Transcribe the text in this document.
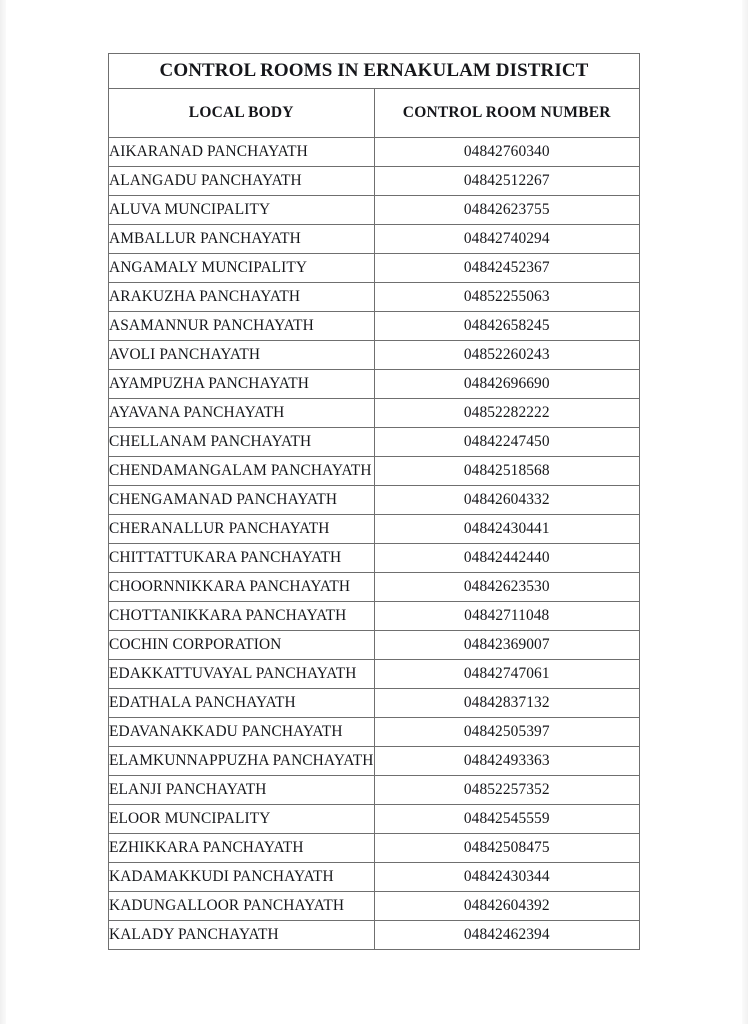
CONTROL ROOMS IN ERNAKULAM DISTRICT	
LOCAL BODY	CONTROL ROOM NUMBER
AIKARANAD PANCHAYATH	04842760340
ALANGADU PANCHAYATH	04842512267
ALUVA MUNCIPALITY	04842623755
AMBALLUR PANCHAYATH	04842740294
ANGAMALY MUNCIPALITY	04842452367
ARAKUZHA PANCHAYATH	04852255063
ASAMANNUR PANCHAYATH	04842658245
AVOLI PANCHAYATH	04852260243
AYAMPUZHA PANCHAYATH	04842696690
AYAVANA PANCHAYATH	04852282222
CHELLANAM PANCHAYATH	04842247450
CHENDAMANGALAM PANCHAYATH	04842518568
CHENGAMANAD PANCHAYATH	04842604332
CHERANALLUR PANCHAYATH	04842430441
CHITTATTUKARA PANCHAYATH	04842442440
CHOORNNIKKARA PANCHAYATH	04842623530
CHOTTANIKKARA PANCHAYATH	04842711048
COCHIN CORPORATION	04842369007
EDAKKATTUVAYAL PANCHAYATH	04842747061
EDATHALA PANCHAYATH	04842837132
EDAVANAKKADU PANCHAYATH	04842505397
ELAMKUNNAPPUZHA PANCHAYATH	04842493363
ELANJI PANCHAYATH	04852257352
ELOOR MUNCIPALITY	04842545559
EZHIKKARA PANCHAYATH	04842508475
KADAMAKKUDI PANCHAYATH	04842430344
KADUNGALLOOR PANCHAYATH	04842604392
KALADY PANCHAYATH	04842462394
